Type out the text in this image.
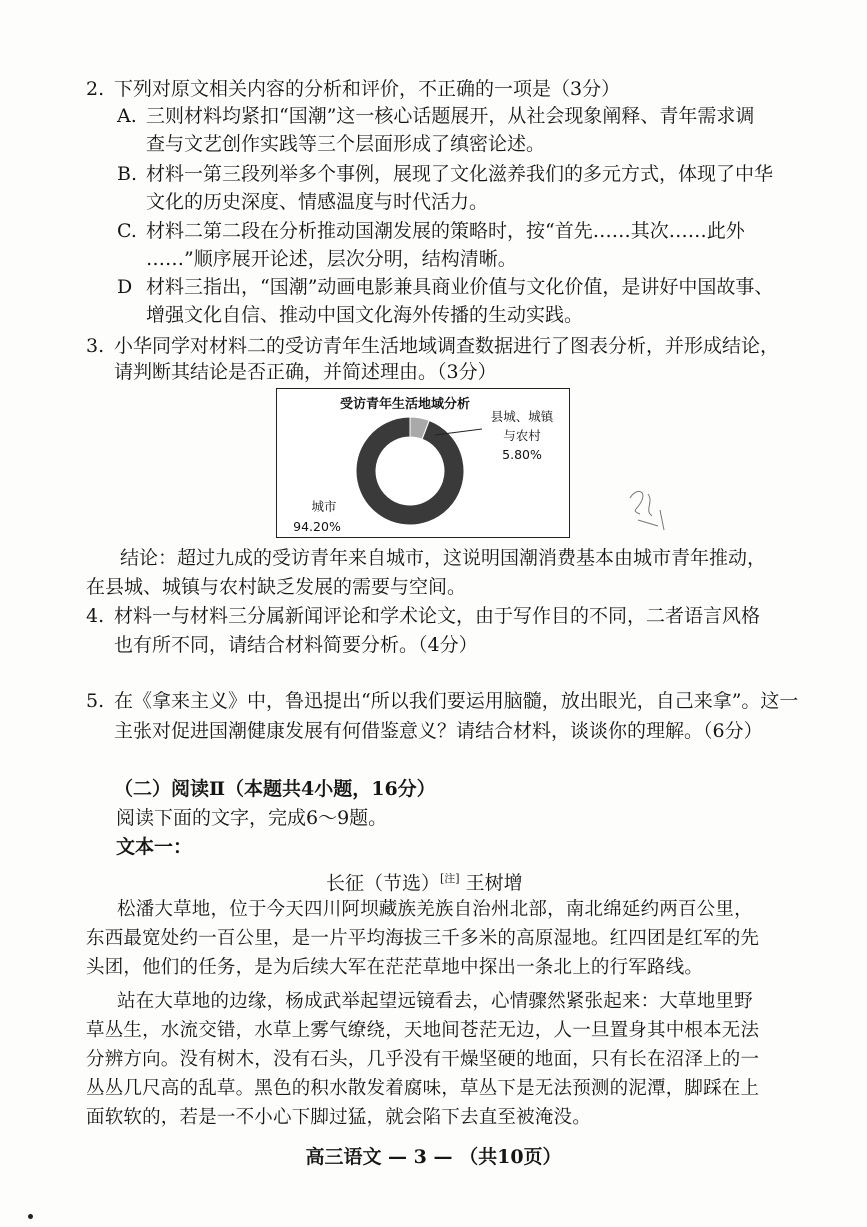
2. 下列对原文相关内容的分析和评价，不正确的一项是（3分）
A. 三则材料均紧扣“国潮”这一核心话题展开，从社会现象阐释、青年需求调
查与文艺创作实践等三个层面形成了缜密论述。
B. 材料一第三段列举多个事例，展现了文化滋养我们的多元方式，体现了中华
文化的历史深度、情感温度与时代活力。
C. 材料二第二段在分析推动国潮发展的策略时，按“首先……其次……此外
……”顺序展开论述，层次分明，结构清晰。
D 材料三指出，“国潮”动画电影兼具商业价值与文化价值，是讲好中国故事、
增强文化自信、推动中国文化海外传播的生动实践。
3. 小华同学对材料二的受访青年生活地域调查数据进行了图表分析，并形成结论，
请判断其结论是否正确，并简述理由。（3分）
受访青年生活地域分析
县城、城镇
与农村
5.80%
城市
94.20%
结论：超过九成的受访青年来自城市，这说明国潮消费基本由城市青年推动，
在县城、城镇与农村缺乏发展的需要与空间。
4. 材料一与材料三分属新闻评论和学术论文，由于写作目的不同，二者语言风格
也有所不同，请结合材料简要分析。（4分）
5. 在《拿来主义》中，鲁迅提出“所以我们要运用脑髓，放出眼光，自己来拿”。这一
主张对促进国潮健康发展有何借鉴意义？请结合材料，谈谈你的理解。（6分）
（二）阅读Ⅱ（本题共4小题，16分）
阅读下面的文字，完成6～9题。
文本一：
长征（节选）[注] 王树增
松潘大草地，位于今天四川阿坝藏族羌族自治州北部，南北绵延约两百公里，
东西最宽处约一百公里，是一片平均海拔三千多米的高原湿地。红四团是红军的先
头团，他们的任务，是为后续大军在茫茫草地中探出一条北上的行军路线。
站在大草地的边缘，杨成武举起望远镜看去，心情骤然紧张起来：大草地里野
草丛生，水流交错，水草上雾气缭绕，天地间苍茫无边，人一旦置身其中根本无法
分辨方向。没有树木，没有石头，几乎没有干燥坚硬的地面，只有长在沼泽上的一
丛丛几尺高的乱草。黑色的积水散发着腐味，草丛下是无法预测的泥潭，脚踩在上
面软软的，若是一不小心下脚过猛，就会陷下去直至被淹没。
高三语文 — 3 — （共10页）
